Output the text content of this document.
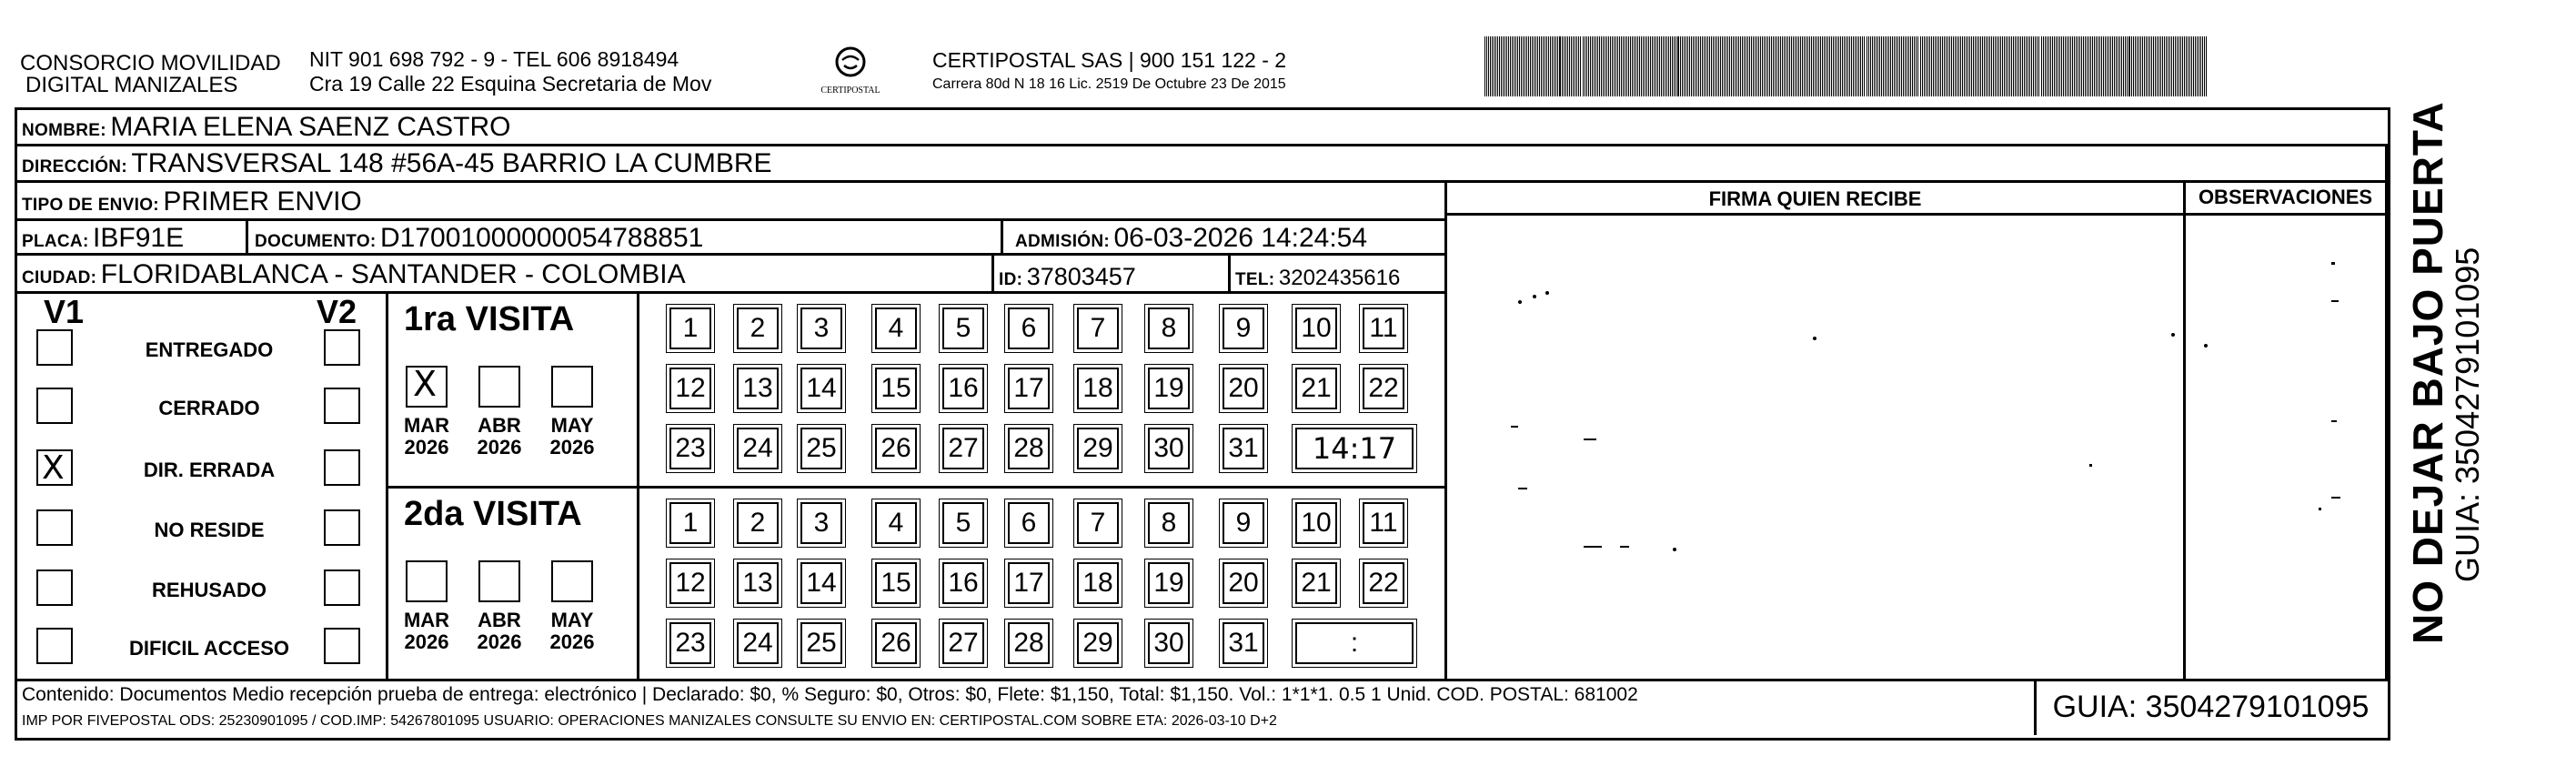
CONSORCIO MOVILIDAD
DIGITAL MANIZALES
NIT 901 698 792 - 9 - TEL 606 8918494
Cra 19 Calle 22 Esquina Secretaria de Mov	CERTIPOSTAL
CERTIPOSTAL SAS | 900 151 122 - 2
Carrera 80d N 18 16 Lic. 2519 De Octubre 23 De 2015
NOMBRE: MARIA ELENA SAENZ CASTRO
DIRECCIÓN: TRANSVERSAL 148 #56A-45 BARRIO LA CUMBRE
TIPO DE ENVIO: PRIMER ENVIO
PLACA: IBF91E	DOCUMENTO: D17001000000054788851	ADMISIÓN: 06-03-2026 14:24:54
CIUDAD: FLORIDABLANCA - SANTANDER - COLOMBIA	ID: 37803457	TEL: 3202435616
FIRMA QUIEN RECIBE	OBSERVACIONES
V1	V2
ENTREGADO
CERRADO
X	DIR. ERRADA
NO RESIDE
REHUSADO
DIFICIL ACCESO
1ra VISITA
X
MAR
2026
ABR
2026
MAY
2026
1	2	3	4	5	6	7	8	9	10 11
12 13 14 15 16 17 18 19 20 21 22
23 24 25 26 27 28 29 30 31	14:17
2da VISITA
MAR
2026
ABR
2026
MAY
2026
1	2	3	4	5	6	7	8	9	10 11
12 13 14 15 16 17 18 19 20 21 22
23 24 25 26 27 28 29 30 31	:
Contenido: Documentos Medio recepción prueba de entrega: electrónico | Declarado: $0, % Seguro: $0, Otros: $0, Flete: $1,150, Total: $1,150. Vol.: 1*1*1. 0.5 1 Unid. COD. POSTAL: 681002
IMP POR FIVEPOSTAL ODS: 25230901095 / COD.IMP: 54267801095 USUARIO: OPERACIONES MANIZALES CONSULTE SU ENVIO EN: CERTIPOSTAL.COM SOBRE ETA: 2026-03-10 D+2	GUIA: 3504279101095
NO DEJAR BAJO PUERTA
GUIA: 3504279101095
